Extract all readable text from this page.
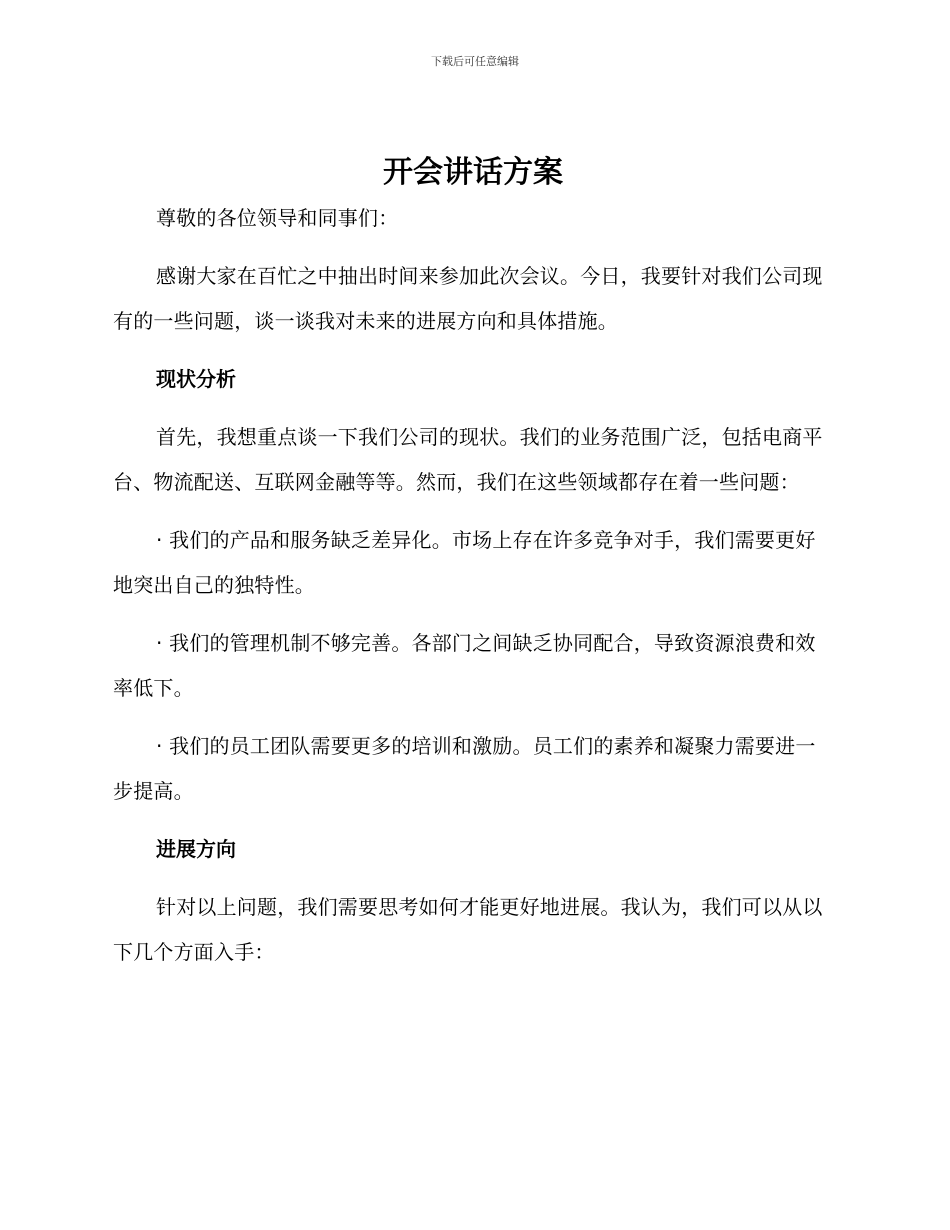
下载后可任意编辑
开会讲话方案

尊敬的各位领导和同事们：

感谢大家在百忙之中抽出时间来参加此次会议。今日，我要针对我们公司现有的一些问题，谈一谈我对未来的进展方向和具体措施。

现状分析

首先，我想重点谈一下我们公司的现状。我们的业务范围广泛，包括电商平台、物流配送、互联网金融等等。然而，我们在这些领域都存在着一些问题：

· 我们的产品和服务缺乏差异化。市场上存在许多竞争对手，我们需要更好地突出自己的独特性。

· 我们的管理机制不够完善。各部门之间缺乏协同配合，导致资源浪费和效率低下。

· 我们的员工团队需要更多的培训和激励。员工们的素养和凝聚力需要进一步提高。

进展方向

针对以上问题，我们需要思考如何才能更好地进展。我认为，我们可以从以下几个方面入手：
